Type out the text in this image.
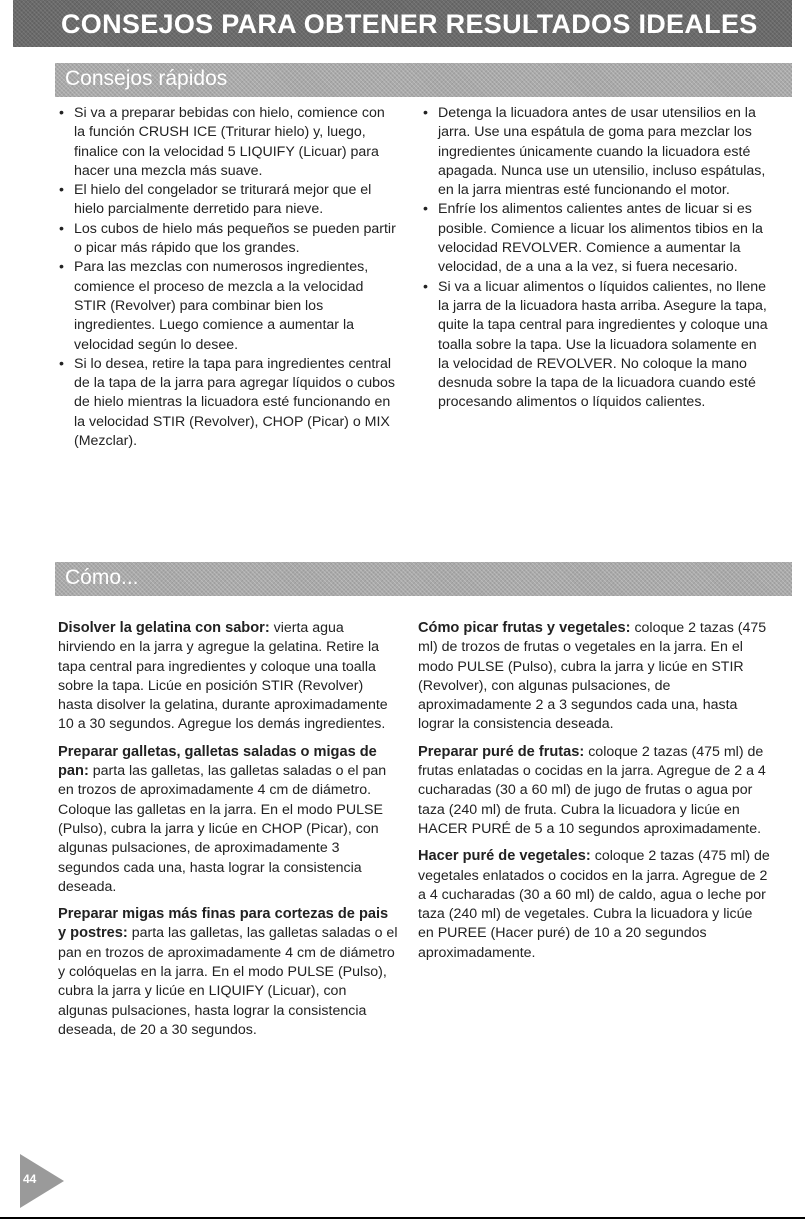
CONSEJOS PARA OBTENER RESULTADOS IDEALES
Consejos rápidos
• Si va a preparar bebidas con hielo, comience con la función CRUSH ICE (Triturar hielo) y, luego, finalice con la velocidad 5 LIQUIFY (Licuar) para hacer una mezcla más suave.
• El hielo del congelador se triturará mejor que el hielo parcialmente derretido para nieve.
• Los cubos de hielo más pequeños se pueden partir o picar más rápido que los grandes.
• Para las mezclas con numerosos ingredientes, comience el proceso de mezcla a la velocidad STIR (Revolver) para combinar bien los ingredientes. Luego comience a aumentar la velocidad según lo desee.
• Si lo desea, retire la tapa para ingredientes central de la tapa de la jarra para agregar líquidos o cubos de hielo mientras la licuadora esté funcionando en la velocidad STIR (Revolver), CHOP (Picar) o MIX (Mezclar).
• Detenga la licuadora antes de usar utensilios en la jarra. Use una espátula de goma para mezclar los ingredientes únicamente cuando la licuadora esté apagada. Nunca use un utensilio, incluso espátulas, en la jarra mientras esté funcionando el motor.
• Enfríe los alimentos calientes antes de licuar si es posible. Comience a licuar los alimentos tibios en la velocidad REVOLVER. Comience a aumentar la velocidad, de a una a la vez, si fuera necesario.
• Si va a licuar alimentos o líquidos calientes, no llene la jarra de la licuadora hasta arriba. Asegure la tapa, quite la tapa central para ingredientes y coloque una toalla sobre la tapa. Use la licuadora solamente en la velocidad de REVOLVER. No coloque la mano desnuda sobre la tapa de la licuadora cuando esté procesando alimentos o líquidos calientes.
Cómo...

Disolver la gelatina con sabor: vierta agua hirviendo en la jarra y agregue la gelatina. Retire la tapa central para ingredientes y coloque una toalla sobre la tapa. Licúe en posición STIR (Revolver) hasta disolver la gelatina, durante aproximadamente 10 a 30 segundos. Agregue los demás ingredientes.

Preparar galletas, galletas saladas o migas de pan: parta las galletas, las galletas saladas o el pan en trozos de aproximadamente 4 cm de diámetro. Coloque las galletas en la jarra. En el modo PULSE (Pulso), cubra la jarra y licúe en CHOP (Picar), con algunas pulsaciones, de aproximadamente 3 segundos cada una, hasta lograr la consistencia deseada.

Preparar migas más finas para cortezas de pais y postres: parta las galletas, las galletas saladas o el pan en trozos de aproximadamente 4 cm de diámetro y colóquelas en la jarra. En el modo PULSE (Pulso), cubra la jarra y licúe en LIQUIFY (Licuar), con algunas pulsaciones, hasta lograr la consistencia deseada, de 20 a 30 segundos.

Cómo picar frutas y vegetales: coloque 2 tazas (475 ml) de trozos de frutas o vegetales en la jarra. En el modo PULSE (Pulso), cubra la jarra y licúe en STIR (Revolver), con algunas pulsaciones, de aproximadamente 2 a 3 segundos cada una, hasta lograr la consistencia deseada.

Preparar puré de frutas: coloque 2 tazas (475 ml) de frutas enlatadas o cocidas en la jarra. Agregue de 2 a 4 cucharadas (30 a 60 ml) de jugo de frutas o agua por taza (240 ml) de fruta. Cubra la licuadora y licúe en HACER PURÉ de 5 a 10 segundos aproximadamente.

Hacer puré de vegetales: coloque 2 tazas (475 ml) de vegetales enlatados o cocidos en la jarra. Agregue de 2 a 4 cucharadas (30 a 60 ml) de caldo, agua o leche por taza (240 ml) de vegetales. Cubra la licuadora y licúe en PUREE (Hacer puré) de 10 a 20 segundos aproximadamente.

44
